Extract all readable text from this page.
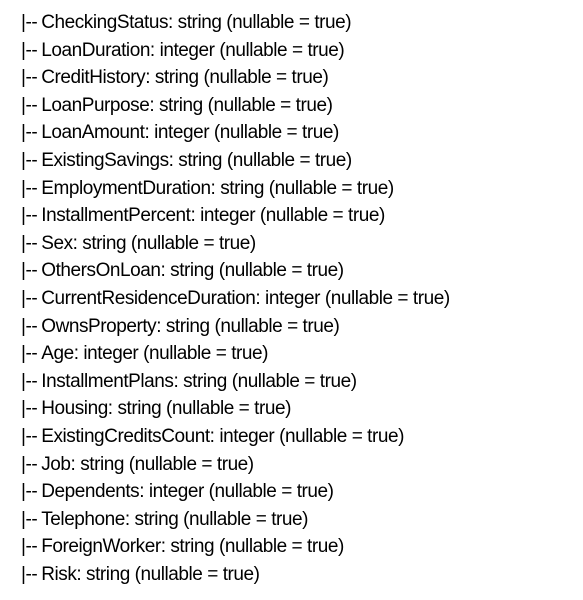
|-- CheckingStatus: string (nullable = true)
|-- LoanDuration: integer (nullable = true)
|-- CreditHistory: string (nullable = true)
|-- LoanPurpose: string (nullable = true)
|-- LoanAmount: integer (nullable = true)
|-- ExistingSavings: string (nullable = true)
|-- EmploymentDuration: string (nullable = true)
|-- InstallmentPercent: integer (nullable = true)
|-- Sex: string (nullable = true)
|-- OthersOnLoan: string (nullable = true)
|-- CurrentResidenceDuration: integer (nullable = true)
|-- OwnsProperty: string (nullable = true)
|-- Age: integer (nullable = true)
|-- InstallmentPlans: string (nullable = true)
|-- Housing: string (nullable = true)
|-- ExistingCreditsCount: integer (nullable = true)
|-- Job: string (nullable = true)
|-- Dependents: integer (nullable = true)
|-- Telephone: string (nullable = true)
|-- ForeignWorker: string (nullable = true)
|-- Risk: string (nullable = true)
